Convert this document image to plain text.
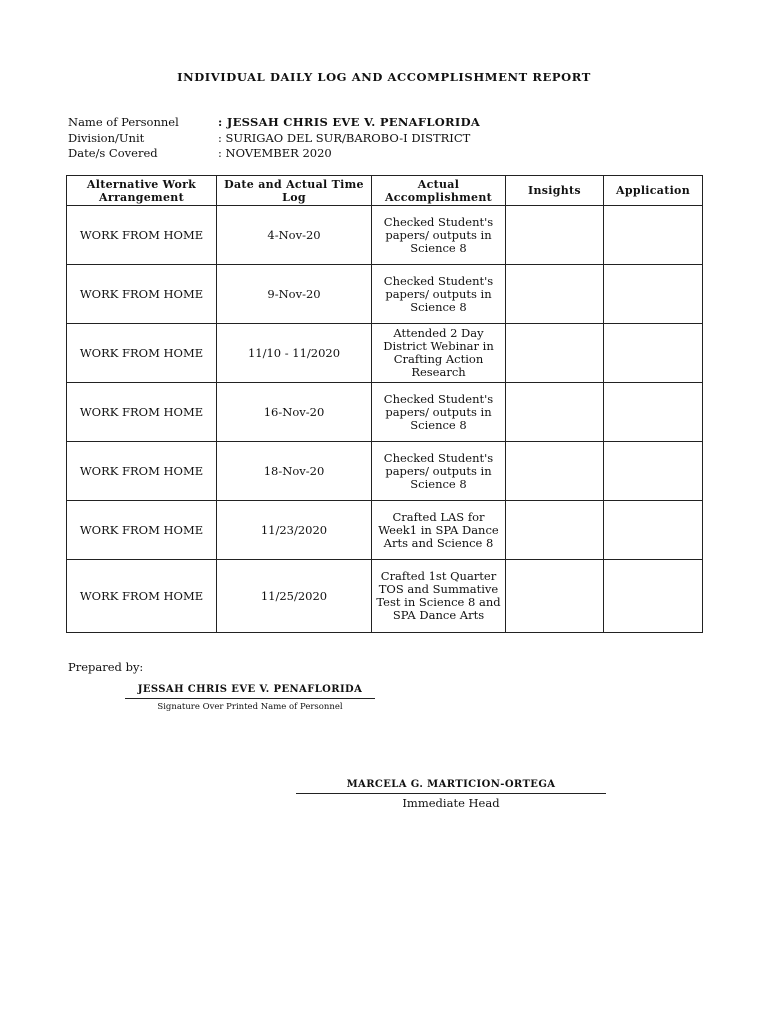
INDIVIDUAL DAILY LOG AND ACCOMPLISHMENT REPORT
Name of Personnel	: JESSAH CHRIS EVE V. PENAFLORIDA
Division/Unit	: SURIGAO DEL SUR/BAROBO-I DISTRICT
Date/s Covered	: NOVEMBER 2020
Alternative Work Arrangement	Date and Actual Time Log	Actual Accomplishment	Insights	Application
WORK FROM HOME	4-Nov-20	Checked Student's papers/ outputs in Science 8		
WORK FROM HOME	9-Nov-20	Checked Student's papers/ outputs in Science 8		
WORK FROM HOME	11/10 - 11/2020	Attended 2 Day District Webinar in Crafting Action Research		
WORK FROM HOME	16-Nov-20	Checked Student's papers/ outputs in Science 8		
WORK FROM HOME	18-Nov-20	Checked Student's papers/ outputs in Science 8		
WORK FROM HOME	11/23/2020	Crafted LAS for Week1 in SPA Dance Arts and Science 8		
WORK FROM HOME	11/25/2020	Crafted 1st Quarter TOS and Summative Test in Science 8 and SPA Dance Arts		
Prepared by:
JESSAH CHRIS EVE V. PENAFLORIDA
Signature Over Printed Name of Personnel
MARCELA G. MARTICION-ORTEGA
Immediate Head
